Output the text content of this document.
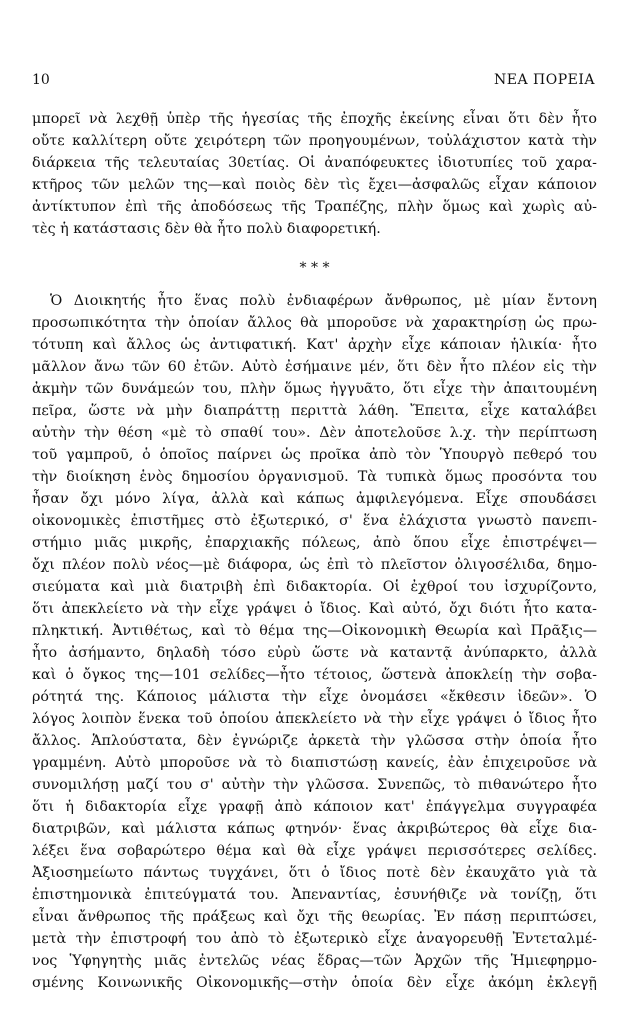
10	ΝΕΑ ΠΟΡΕΙΑ
μπορεῖ νὰ λεχθῇ ὑπὲρ τῆς ἡγεσίας τῆς ἐποχῆς ἐκείνης εἶναι ὅτι δὲν ἦτο
οὔτε καλλίτερη οὔτε χειρότερη τῶν προηγουμένων, τοὐλάχιστον κατὰ τὴν
διάρκεια τῆς τελευταίας 30ετίας. Οἱ ἀναπόφευκτες ἰδιοτυπίες τοῦ χαρα-
κτῆρος τῶν μελῶν της—καὶ ποιὸς δὲν τὶς ἔχει—ἀσφαλῶς εἶχαν κάποιον
ἀντίκτυπον ἐπὶ τῆς ἀποδόσεως τῆς Τραπέζης, πλὴν ὅμως καὶ χωρὶς αὐ-
τὲς ἡ κατάστασις δὲν θὰ ἦτο πολὺ διαφορετική.
* * *
Ὁ Διοικητής ἦτο ἕνας πολὺ ἐνδιαφέρων ἄνθρωπος, μὲ μίαν ἔντονη
προσωπικότητα τὴν ὁποίαν ἄλλος θὰ μποροῦσε νὰ χαρακτηρίσῃ ὡς πρω-
τότυπη καὶ ἄλλος ὡς ἀντιφατική. Κατ' ἀρχὴν εἶχε κάποιαν ἡλικία· ἦτο
μᾶλλον ἄνω τῶν 60 ἐτῶν. Αὐτὸ ἐσήμαινε μέν, ὅτι δὲν ἦτο πλέον εἰς τὴν
ἀκμὴν τῶν δυνάμεών του, πλὴν ὅμως ἠγγυᾶτο, ὅτι εἶχε τὴν ἀπαιτουμένη
πεῖρα, ὥστε νὰ μὴν διαπράττῃ περιττὰ λάθη. Ἔπειτα, εἶχε καταλάβει
αὐτὴν τὴν θέση «μὲ τὸ σπαθί του». Δὲν ἀποτελοῦσε λ.χ. τὴν περίπτωση
τοῦ γαμπροῦ, ὁ ὁποῖος παίρνει ὡς προῖκα ἀπὸ τὸν Ὑπουργὸ πεθερό του
τὴν διοίκηση ἑνὸς δημοσίου ὀργανισμοῦ. Τὰ τυπικὰ ὅμως προσόντα του
ἦσαν ὄχι μόνο λίγα, ἀλλὰ καὶ κάπως ἀμφιλεγόμενα. Εἶχε σπουδάσει
οἰκονομικὲς ἐπιστῆμες στὸ ἐξωτερικό, σ' ἕνα ἐλάχιστα γνωστὸ πανεπι-
στήμιο μιᾶς μικρῆς, ἐπαρχιακῆς πόλεως, ἀπὸ ὅπου εἶχε ἐπιστρέψει—
ὄχι πλέον πολὺ νέος—μὲ διάφορα, ὡς ἐπὶ τὸ πλεῖστον ὀλιγοσέλιδα, δημο-
σιεύματα καὶ μιὰ διατριβὴ ἐπὶ διδακτορία. Οἱ ἐχθροί του ἰσχυρίζοντο,
ὅτι ἀπεκλείετο νὰ τὴν εἶχε γράψει ὁ ἴδιος. Καὶ αὐτό, ὄχι διότι ἦτο κατα-
πληκτική. Ἀντιθέτως, καὶ τὸ θέμα της—Οἰκονομικὴ Θεωρία καὶ Πρᾶξις—
ἦτο ἀσήμαντο, δηλαδὴ τόσο εὐρὺ ὥστε νὰ καταντᾷ ἀνύπαρκτο, ἀλλὰ
καὶ ὁ ὄγκος της—101 σελίδες—ἦτο τέτοιος, ὥστενὰ ἀποκλείῃ τὴν σοβα-
ρότητά της. Κάποιος μάλιστα τὴν εἶχε ὀνομάσει «ἔκθεσιν ἰδεῶν». Ὁ
λόγος λοιπὸν ἕνεκα τοῦ ὁποίου ἀπεκλείετο νὰ τὴν εἶχε γράψει ὁ ἴδιος ἦτο
ἄλλος. Ἁπλούστατα, δὲν ἐγνώριζε ἀρκετὰ τὴν γλῶσσα στὴν ὁποία ἦτο
γραμμένη. Αὐτὸ μποροῦσε νὰ τὸ διαπιστώσῃ κανείς, ἐὰν ἐπιχειροῦσε νὰ
συνομιλήσῃ μαζί του σ' αὐτὴν τὴν γλῶσσα. Συνεπῶς, τὸ πιθανώτερο ἦτο
ὅτι ἡ διδακτορία εἶχε γραφῇ ἀπὸ κάποιον κατ' ἐπάγγελμα συγγραφέα
διατριβῶν, καὶ μάλιστα κάπως φτηνόν· ἕνας ἀκριβώτερος θὰ εἶχε δια-
λέξει ἕνα σοβαρώτερο θέμα καὶ θὰ εἶχε γράψει περισσότερες σελίδες.
Ἀξιοσημείωτο πάντως τυγχάνει, ὅτι ὁ ἴδιος ποτὲ δὲν ἐκαυχᾶτο γιὰ τὰ
ἐπιστημονικὰ ἐπιτεύγματά του. Ἀπεναντίας, ἐσυνήθιζε νὰ τονίζῃ, ὅτι
εἶναι ἄνθρωπος τῆς πράξεως καὶ ὄχι τῆς θεωρίας. Ἐν πάσῃ περιπτώσει,
μετὰ τὴν ἐπιστροφή του ἀπὸ τὸ ἐξωτερικὸ εἶχε ἀναγορευθῇ Ἐντεταλμέ-
νος Ὑφηγητὴς μιᾶς ἐντελῶς νέας ἕδρας—τῶν Ἀρχῶν τῆς Ἡμιεφηρμο-
σμένης Κοινωνικῆς Οἰκονομικῆς—στὴν ὁποία δὲν εἶχε ἀκόμη ἐκλεγῇ
